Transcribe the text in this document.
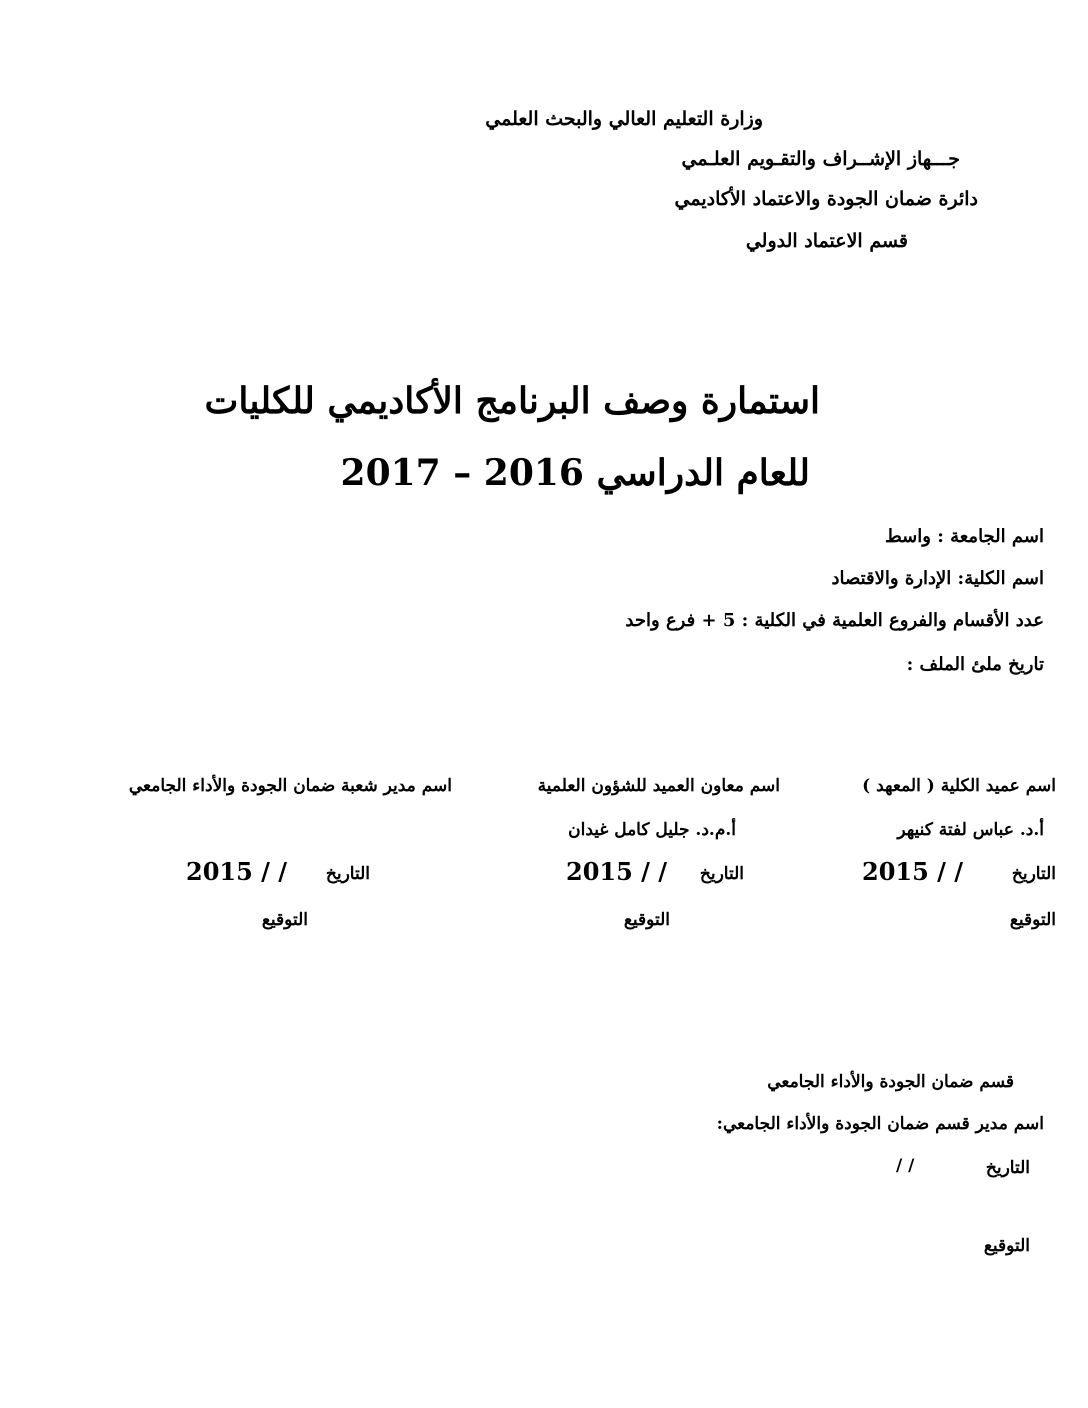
وزارة التعليم العالي والبحث العلمي
جـــهاز الإشــراف والتقـويم العلـمي
دائرة ضمان الجودة والاعتماد الأكاديمي
قسم الاعتماد الدولي
استمارة وصف البرنامج الأكاديمي للكليات
للعام الدراسي 2017 – 2016
اسم الجامعة : واسط
اسم الكلية: الإدارة والاقتصاد
عدد الأقسام والفروع العلمية في الكلية : 5 + فرع واحد
تاريخ ملئ الملف :
اسم عميد الكلية ( المعهد )
أ.د. عباس لفتة كنيهر
التاريخ
2015 / /
التوقيع
اسم معاون العميد للشؤون العلمية
أ.م.د. جليل كامل غيدان
التاريخ
2015 / /
التوقيع
اسم مدير شعبة ضمان الجودة والأداء الجامعي
التاريخ
2015 / /
التوقيع
قسم ضمان الجودة والأداء الجامعي
اسم مدير قسم ضمان الجودة والأداء الجامعي:
التاريخ
/ /
التوقيع
